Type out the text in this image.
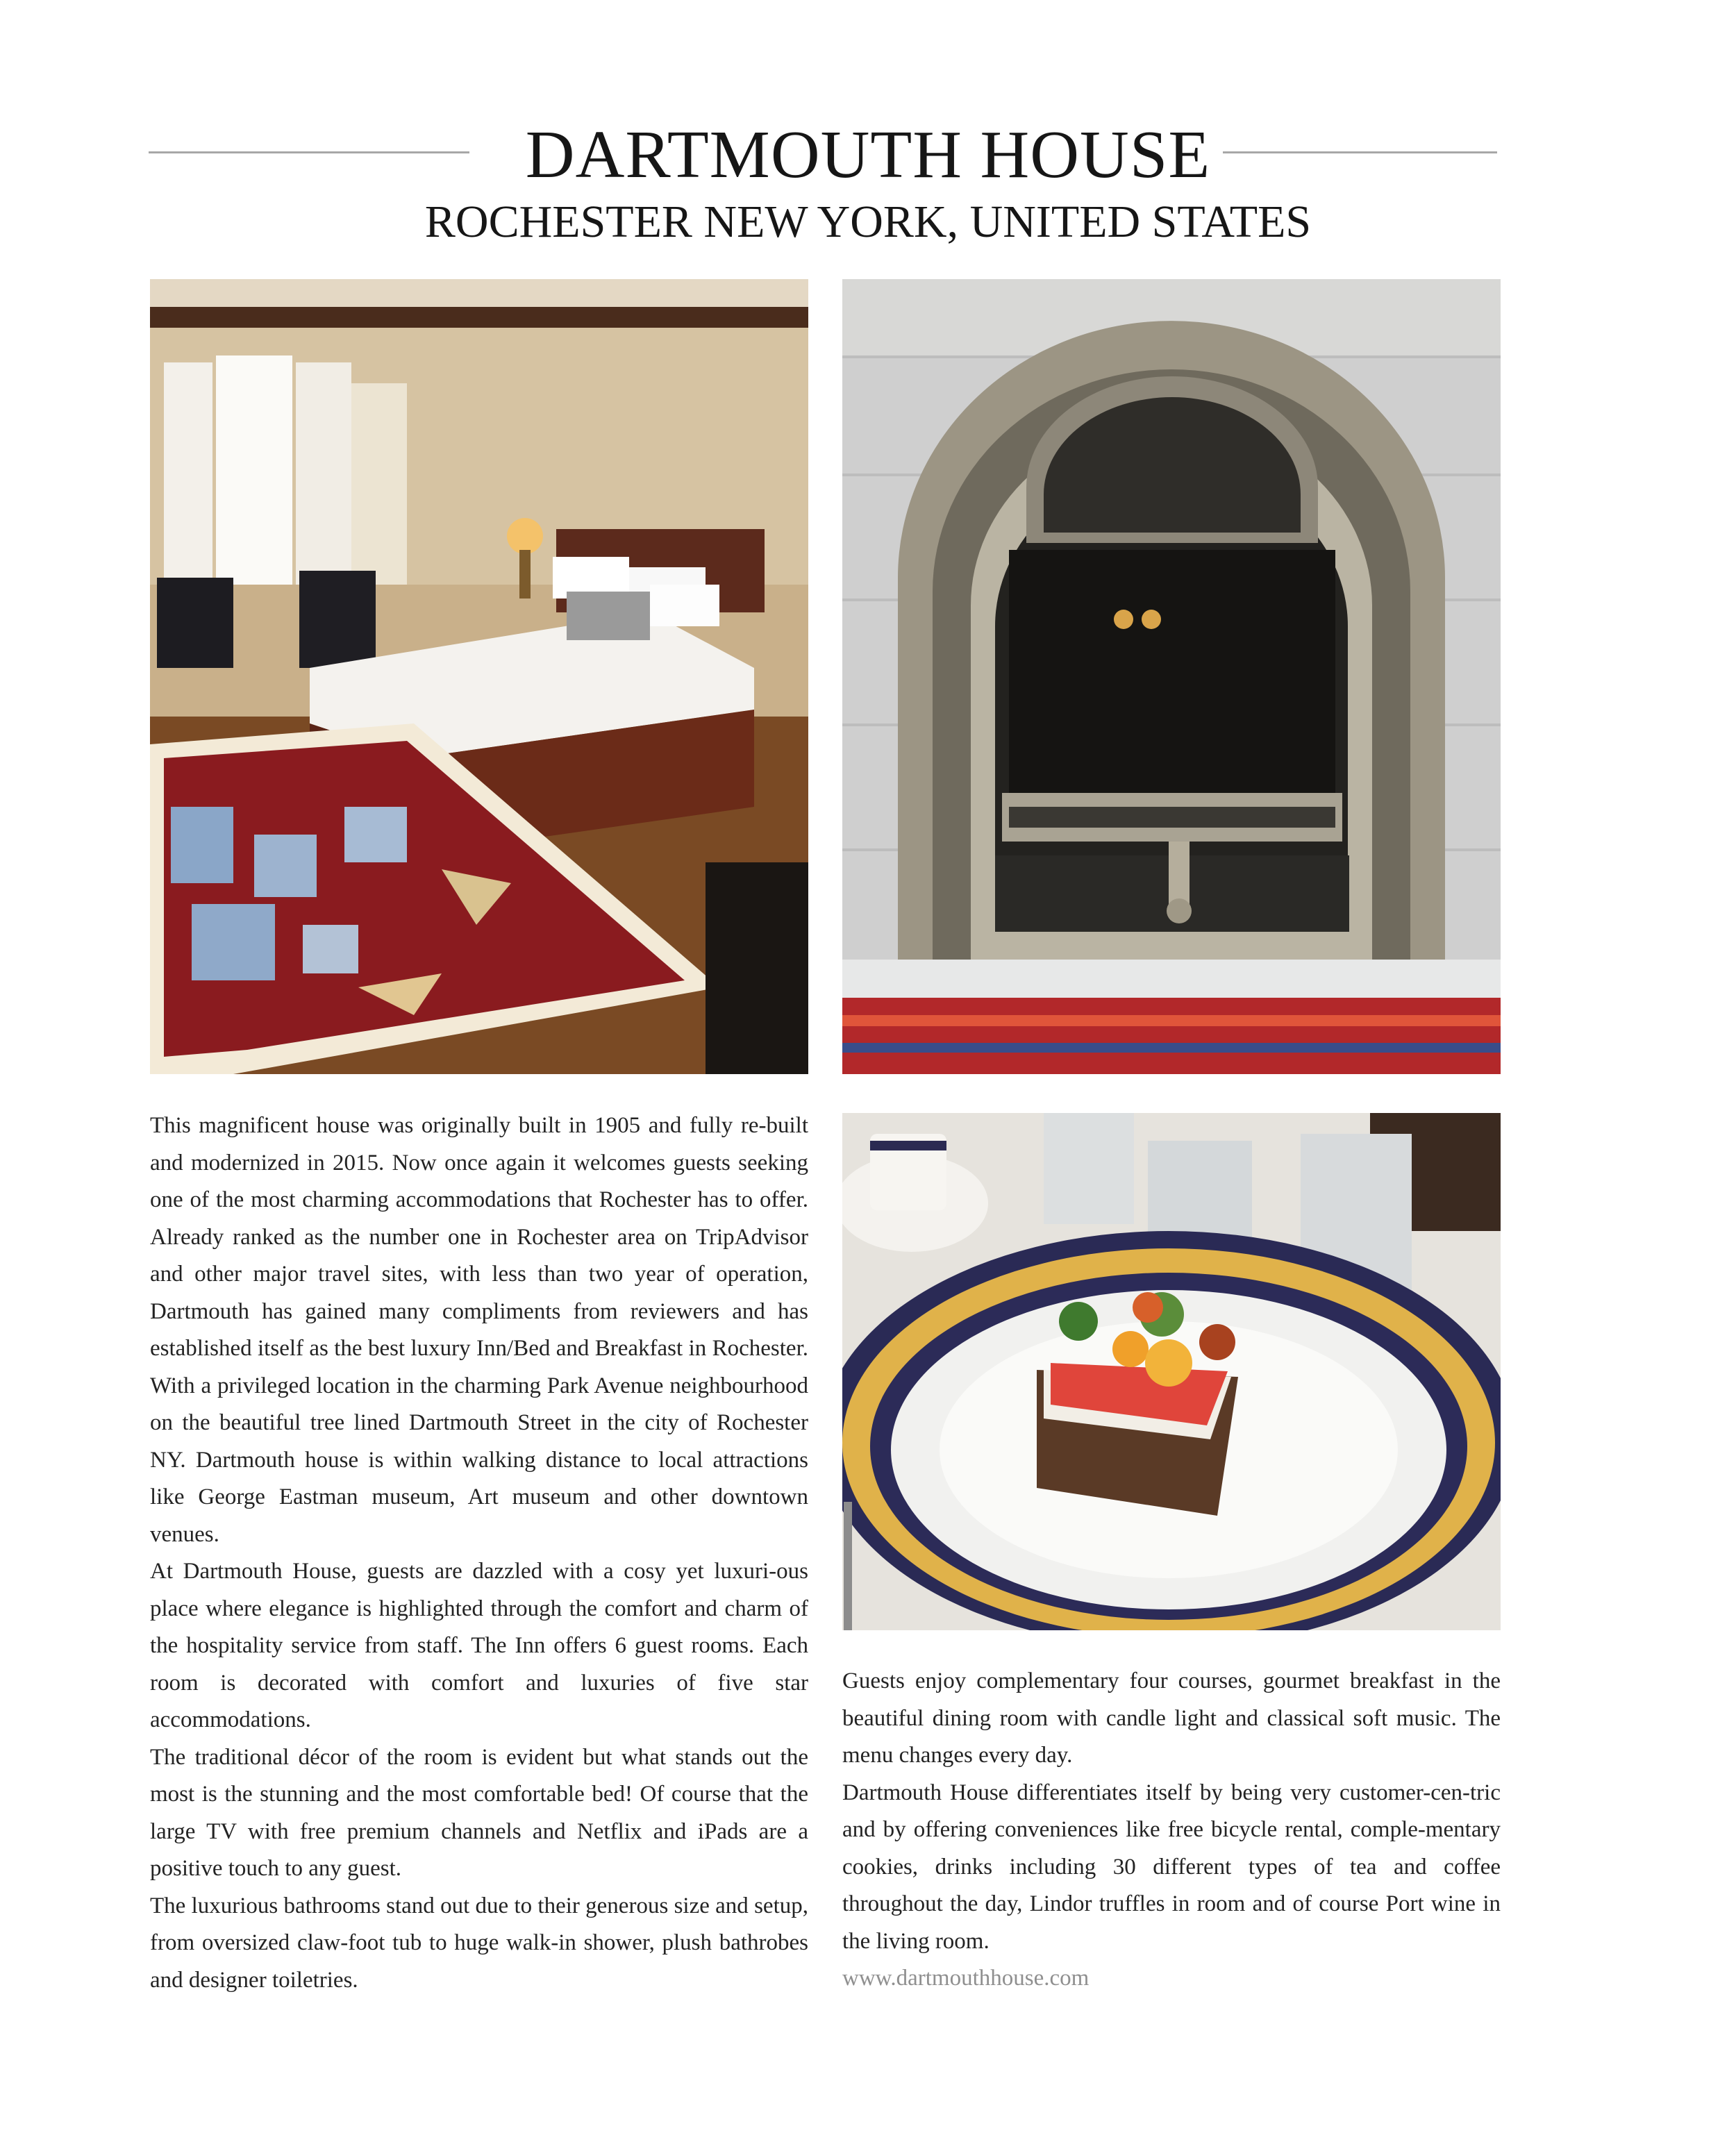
DARTMOUTH HOUSE
ROCHESTER NEW YORK, UNITED STATES

This magnificent house was originally built in 1905 and fully re-built and modernized in 2015. Now once again it welcomes guests seeking one of the most charming accommodations that Rochester has to offer. Already ranked as the number one in Rochester area on TripAdvisor and other major travel sites, with less than two year of operation, Dartmouth has gained many compliments from reviewers and has established itself as the best luxury Inn/Bed and Breakfast in Rochester. With a privileged location in the charming Park Avenue neighbourhood on the beautiful tree lined Dartmouth Street in the city of Rochester NY. Dartmouth house is within walking distance to local attractions like George Eastman museum, Art museum and other downtown venues.

At Dartmouth House, guests are dazzled with a cosy yet luxuri-ous place where elegance is highlighted through the comfort and charm of the hospitality service from staff. The Inn offers 6 guest rooms. Each room is decorated with comfort and luxuries of five star accommodations.

The traditional décor of the room is evident but what stands out the most is the stunning and the most comfortable bed! Of course that the large TV with free premium channels and Netflix and iPads are a positive touch to any guest.

The luxurious bathrooms stand out due to their generous size and setup, from oversized claw-foot tub to huge walk-in shower, plush bathrobes and designer toiletries.

Guests enjoy complementary four courses, gourmet breakfast in the beautiful dining room with candle light and classical soft music. The menu changes every day.

Dartmouth House differentiates itself by being very customer-cen-tric and by offering conveniences like free bicycle rental, comple-mentary cookies, drinks including 30 different types of tea and coffee throughout the day, Lindor truffles in room and of course Port wine in the living room.

www.dartmouthhouse.com
